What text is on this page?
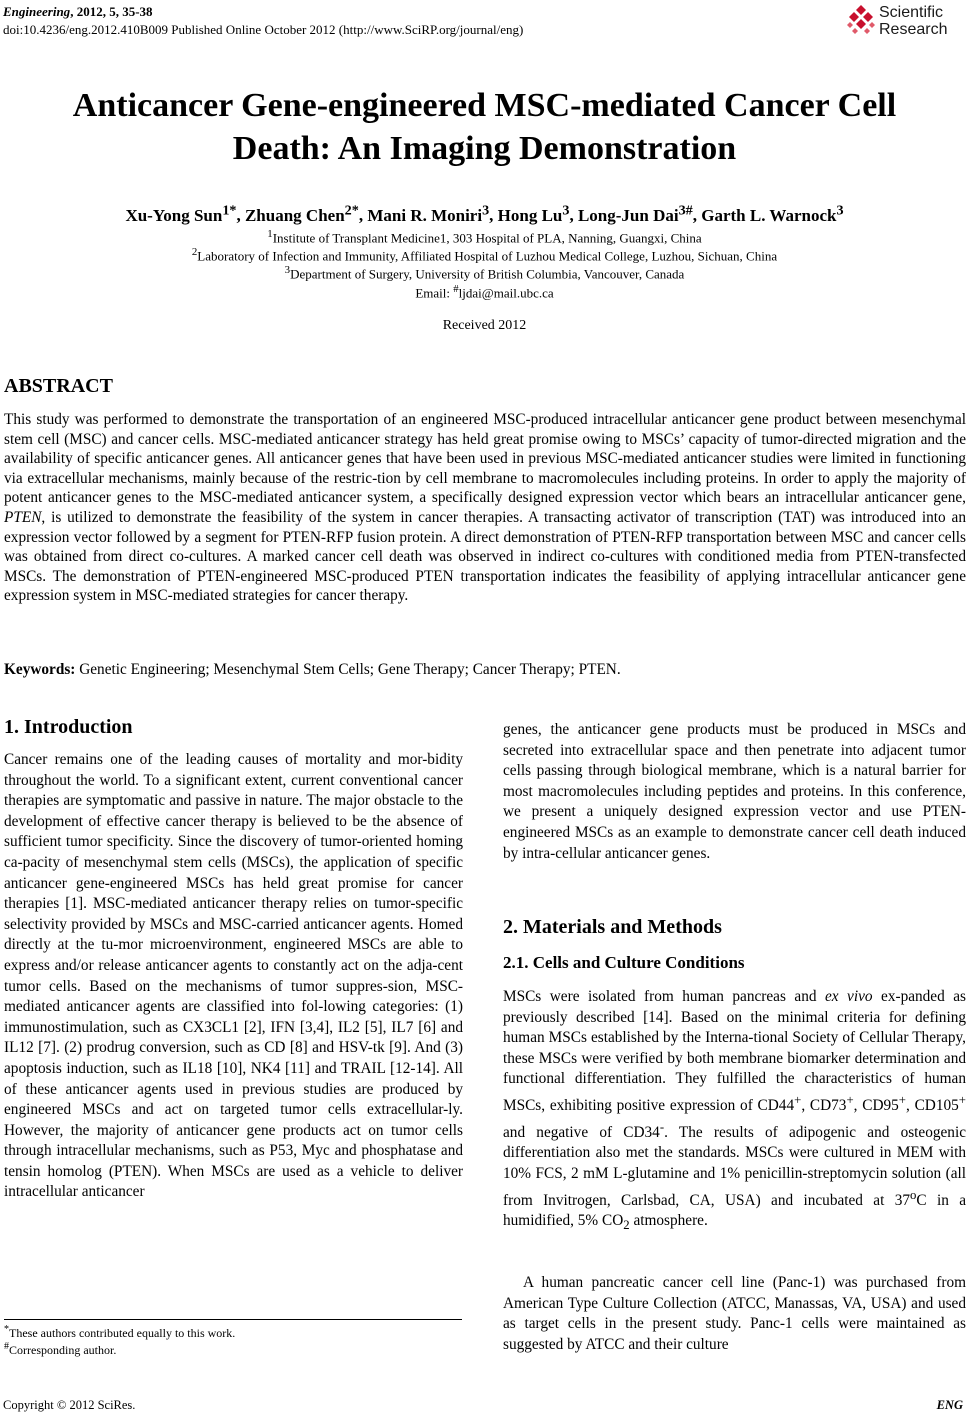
Engineering, 2012, 5, 35-38
doi:10.4236/eng.2012.410B009 Published Online October 2012 (http://www.SciRP.org/journal/eng)
Scientific
Research
Anticancer Gene-engineered MSC-mediated Cancer Cell
Death: An Imaging Demonstration
Xu-Yong Sun$^{1*}$, Zhuang Chen$^{2*}$, Mani R. Moniri$^3$, Hong Lu$^3$, Long-Jun Dai$^{3\#}$, Garth L. Warnock$^3$
$^1$Institute of Transplant Medicine1, 303 Hospital of PLA, Nanning, Guangxi, China
$^2$Laboratory of Infection and Immunity, Affiliated Hospital of Luzhou Medical College, Luzhou, Sichuan, China
$^3$Department of Surgery, University of British Columbia, Vancouver, Canada
Email: #ljdai@mail.ubc.ca
Received 2012
ABSTRACT
This study was performed to demonstrate the transportation of an engineered MSC-produced intracellular anticancer gene product between mesenchymal stem cell (MSC) and cancer cells. MSC-mediated anticancer strategy has held great promise owing to MSCs’ capacity of tumor-directed migration and the availability of specific anticancer genes. All anticancer genes that have been used in previous MSC-mediated anticancer studies were limited in functioning via extracellular mechanisms, mainly because of the restric-tion by cell membrane to macromolecules including proteins. In order to apply the majority of potent anticancer genes to the MSC-mediated anticancer system, a specifically designed expression vector which bears an intracellular anticancer gene, PTEN, is utilized to demonstrate the feasibility of the system in cancer therapies. A transacting activator of transcription (TAT) was introduced into an expression vector followed by a segment for PTEN-RFP fusion protein. A direct demonstration of PTEN-RFP transportation between MSC and cancer cells was obtained from direct co-cultures. A marked cancer cell death was observed in indirect co-cultures with conditioned media from PTEN-transfected MSCs. The demonstration of PTEN-engineered MSC-produced PTEN transportation indicates the feasibility of applying intracellular anticancer gene expression system in MSC-mediated strategies for cancer therapy.
Keywords: Genetic Engineering; Mesenchymal Stem Cells; Gene Therapy; Cancer Therapy; PTEN.
1. Introduction
Cancer remains one of the leading causes of mortality and mor-bidity throughout the world. To a significant extent, current conventional cancer therapies are symptomatic and passive in nature. The major obstacle to the development of effective cancer therapy is believed to be the absence of sufficient tumor specificity. Since the discovery of tumor-oriented homing ca-pacity of mesenchymal stem cells (MSCs), the application of specific anticancer gene-engineered MSCs has held great promise for cancer therapies [1]. MSC-mediated anticancer therapy relies on tumor-specific selectivity provided by MSCs and MSC-carried anticancer agents. Homed directly at the tu-mor microenvironment, engineered MSCs are able to express and/or release anticancer agents to constantly act on the adja-cent tumor cells. Based on the mechanisms of tumor suppres-sion, MSC-mediated anticancer agents are classified into fol-lowing categories: (1) immunostimulation, such as CX3CL1 [2], IFN [3,4], IL2 [5], IL7 [6] and IL12 [7]. (2) prodrug conversion, such as CD [8] and HSV-tk [9]. And (3) apoptosis induction, such as IL18 [10], NK4 [11] and TRAIL [12-14]. All of these anticancer agents used in previous studies are produced by engineered MSCs and act on targeted tumor cells extracellular-ly. However, the majority of anticancer gene products act on tumor cells through intracellular mechanisms, such as P53, Myc and phosphatase and tensin homolog (PTEN). When MSCs are used as a vehicle to deliver intracellular anticancer
genes, the anticancer gene products must be produced in MSCs and secreted into extracellular space and then penetrate into adjacent tumor cells passing through biological membrane, which is a natural barrier for most macromolecules including peptides and proteins. In this conference, we present a uniquely designed expression vector and use PTEN-engineered MSCs as an example to demonstrate cancer cell death induced by intra-cellular anticancer genes.
2. Materials and Methods
2.1. Cells and Culture Conditions
MSCs were isolated from human pancreas and ex vivo ex-panded as previously described [14]. Based on the minimal criteria for defining human MSCs established by the Interna-tional Society of Cellular Therapy, these MSCs were verified by both membrane biomarker determination and functional differentiation. They fulfilled the characteristics of human MSCs, exhibiting positive expression of CD44+, CD73+, CD95+, CD105+ and negative of CD34-. The results of adipogenic and osteogenic differentiation also met the standards. MSCs were cultured in MEM with 10% FCS, 2 mM L-glutamine and 1% penicillin-streptomycin solution (all from Invitrogen, Carlsbad, CA, USA) and incubated at 37$^o$C in a humidified, 5% $CO_2$ atmosphere.
A human pancreatic cancer cell line (Panc-1) was purchased from American Type Culture Collection (ATCC, Manassas, VA, USA) and used as target cells in the present study. Panc-1 cells were maintained as suggested by ATCC and their culture
*These authors contributed equally to this work.
#Corresponding author.
Copyright © 2012 SciRes.	ENG
